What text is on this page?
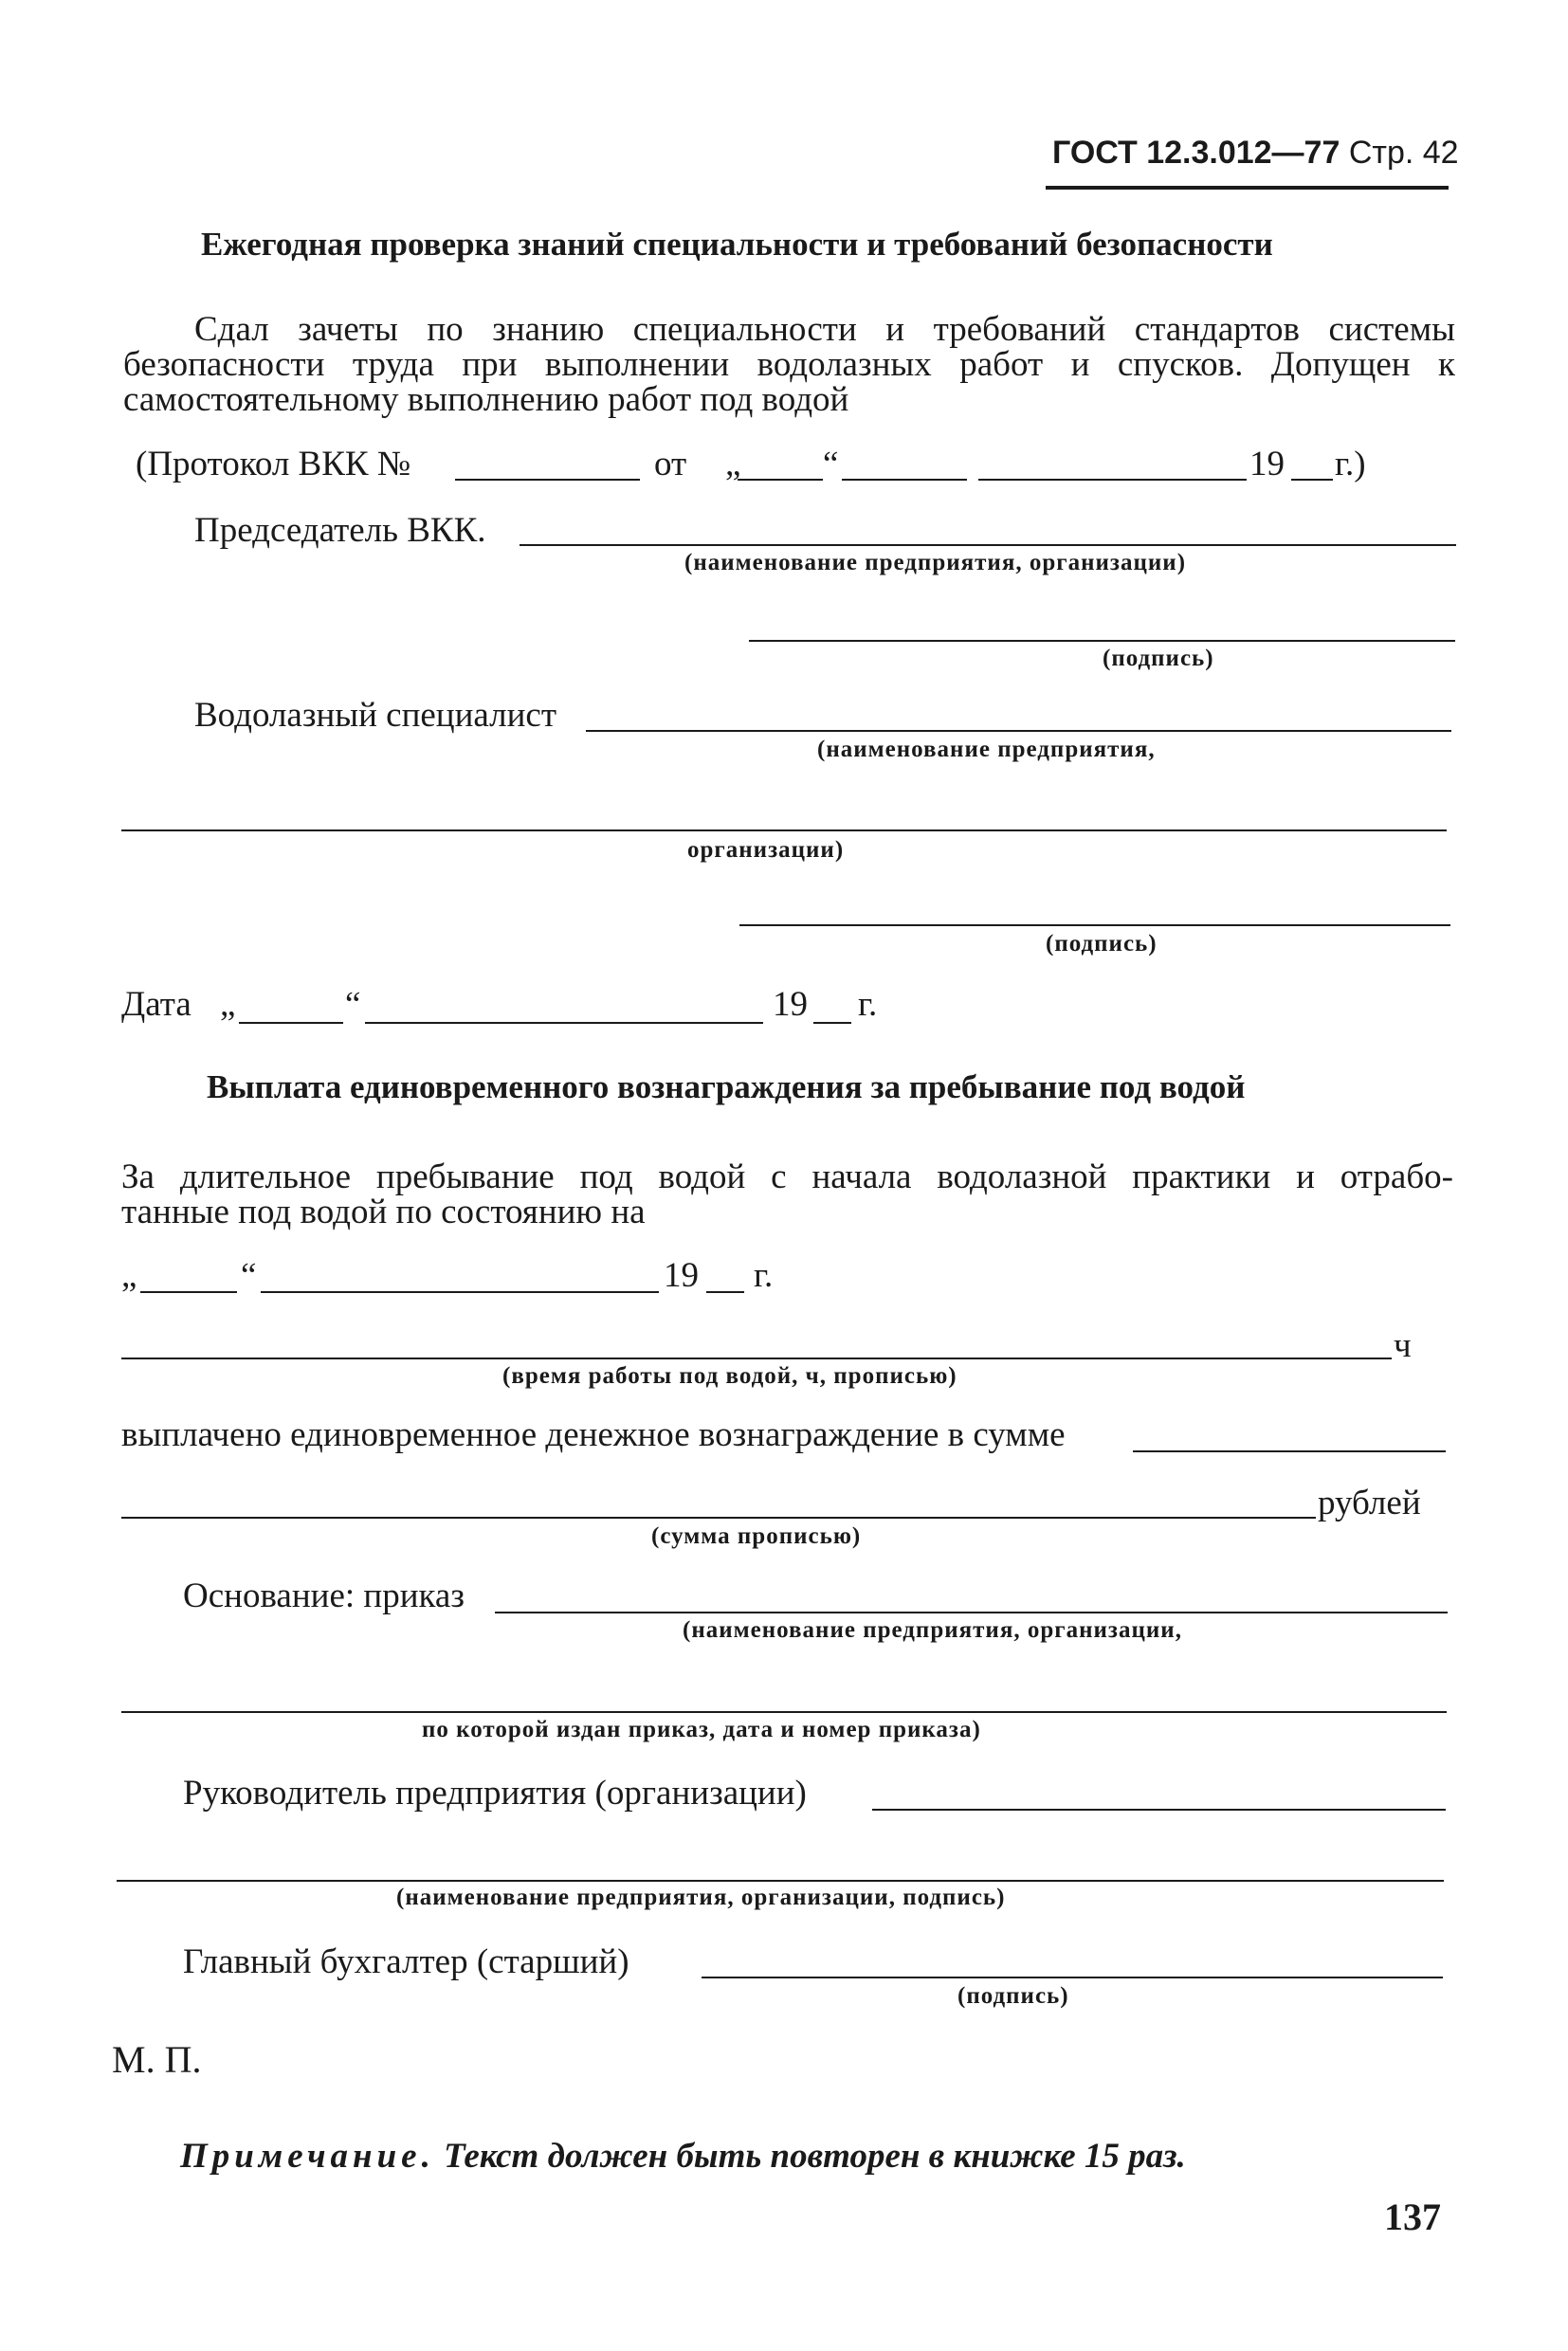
ГОСТ 12.3.012—77 Стр. 42
Ежегодная проверка знаний специальности и требований безопасности
Сдал зачеты по знанию специальности и требований стандартов системы
безопасности труда при выполнении водолазных работ и спусков. Допущен к
самостоятельному выполнению работ под водой
(Протокол ВКК №	от „ “	19 г.)
Председатель ВКК.
(наименование предприятия, организации)
(подпись)
Водолазный специалист
(наименование предприятия,
организации)
(подпись)
Дата „	“	19 г.
Выплата единовременного вознаграждения за пребывание под водой
За длительное пребывание под водой с начала водолазной практики и отрабо-
танные под водой по состоянию на
„	“	19 г.
ч
(время работы под водой, ч, прописью)
выплачено единовременное денежное вознаграждение в сумме
рублей
(сумма прописью)
Основание: приказ
(наименование предприятия, организации,
по которой издан приказ, дата и номер приказа)
Руководитель предприятия (организации)
(наименование предприятия, организации, подпись)
Главный бухгалтер (старший)
(подпись)
М. П.
Примечание. Текст должен быть повторен в книжке 15 раз.
137
